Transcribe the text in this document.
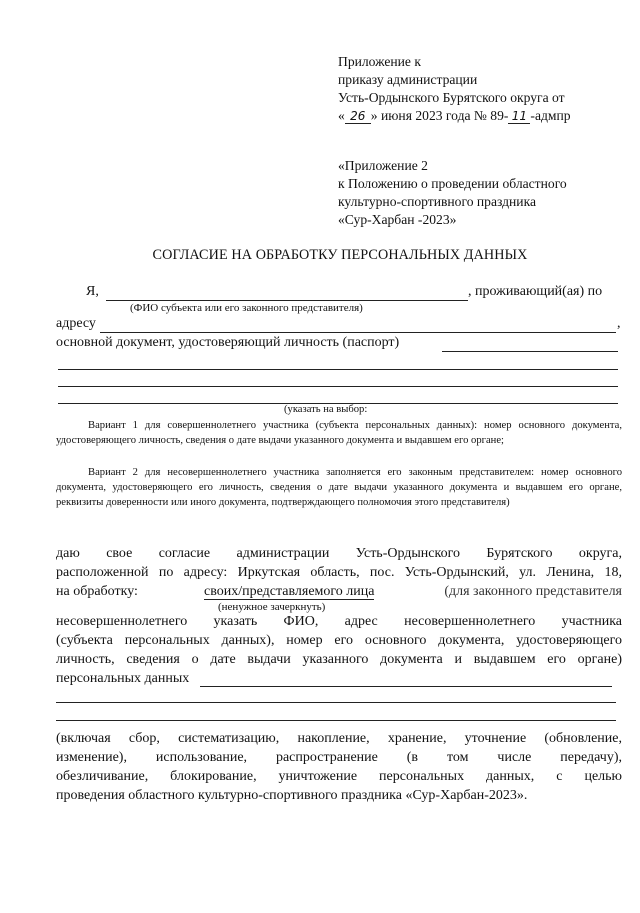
Приложение к
приказу администрации
Усть-Ордынского Бурятского округа от
« 26 » июня 2023 года № 89- 11 -адмпр
«Приложение 2
к Положению о проведении областного
культурно-спортивного праздника
«Сур-Харбан -2023»
СОГЛАСИЕ НА ОБРАБОТКУ ПЕРСОНАЛЬНЫХ ДАННЫХ
Я,	, проживающий(ая) по
(ФИО субъекта или его законного представителя)
адресу	,
основной документ, удостоверяющий личность (паспорт)
(указать на выбор:
Вариант 1 для совершеннолетнего участника (субъекта персональных данных): номер основного документа, удостоверяющего личность, сведения о дате выдачи указанного документа и выдавшем его органе;
Вариант 2 для несовершеннолетнего участника заполняется его законным представителем: номер основного документа, удостоверяющего его личность, сведения о дате выдачи указанного документа и выдавшем его органе, реквизиты доверенности или иного документа, подтверждающего полномочия этого представителя)
даю свое согласие администрации Усть-Ордынского Бурятского округа,
расположенной по адресу: Иркутская область, пос. Усть-Ордынский, ул. Ленина, 18,
на обработку:	своих/представляемого лица	(для законного представителя
(ненужное зачеркнуть)
несовершеннолетнего указать ФИО, адрес несовершеннолетнего участника
(субъекта персональных данных), номер его основного документа, удостоверяющего
личность, сведения о дате выдачи указанного документа и выдавшем его органе)
персональных данных
(включая сбор, систематизацию, накопление, хранение, уточнение (обновление,
изменение), использование, распространение (в том числе передачу),
обезличивание, блокирование, уничтожение персональных данных, с целью
проведения областного культурно-спортивного праздника «Сур-Харбан-2023».
